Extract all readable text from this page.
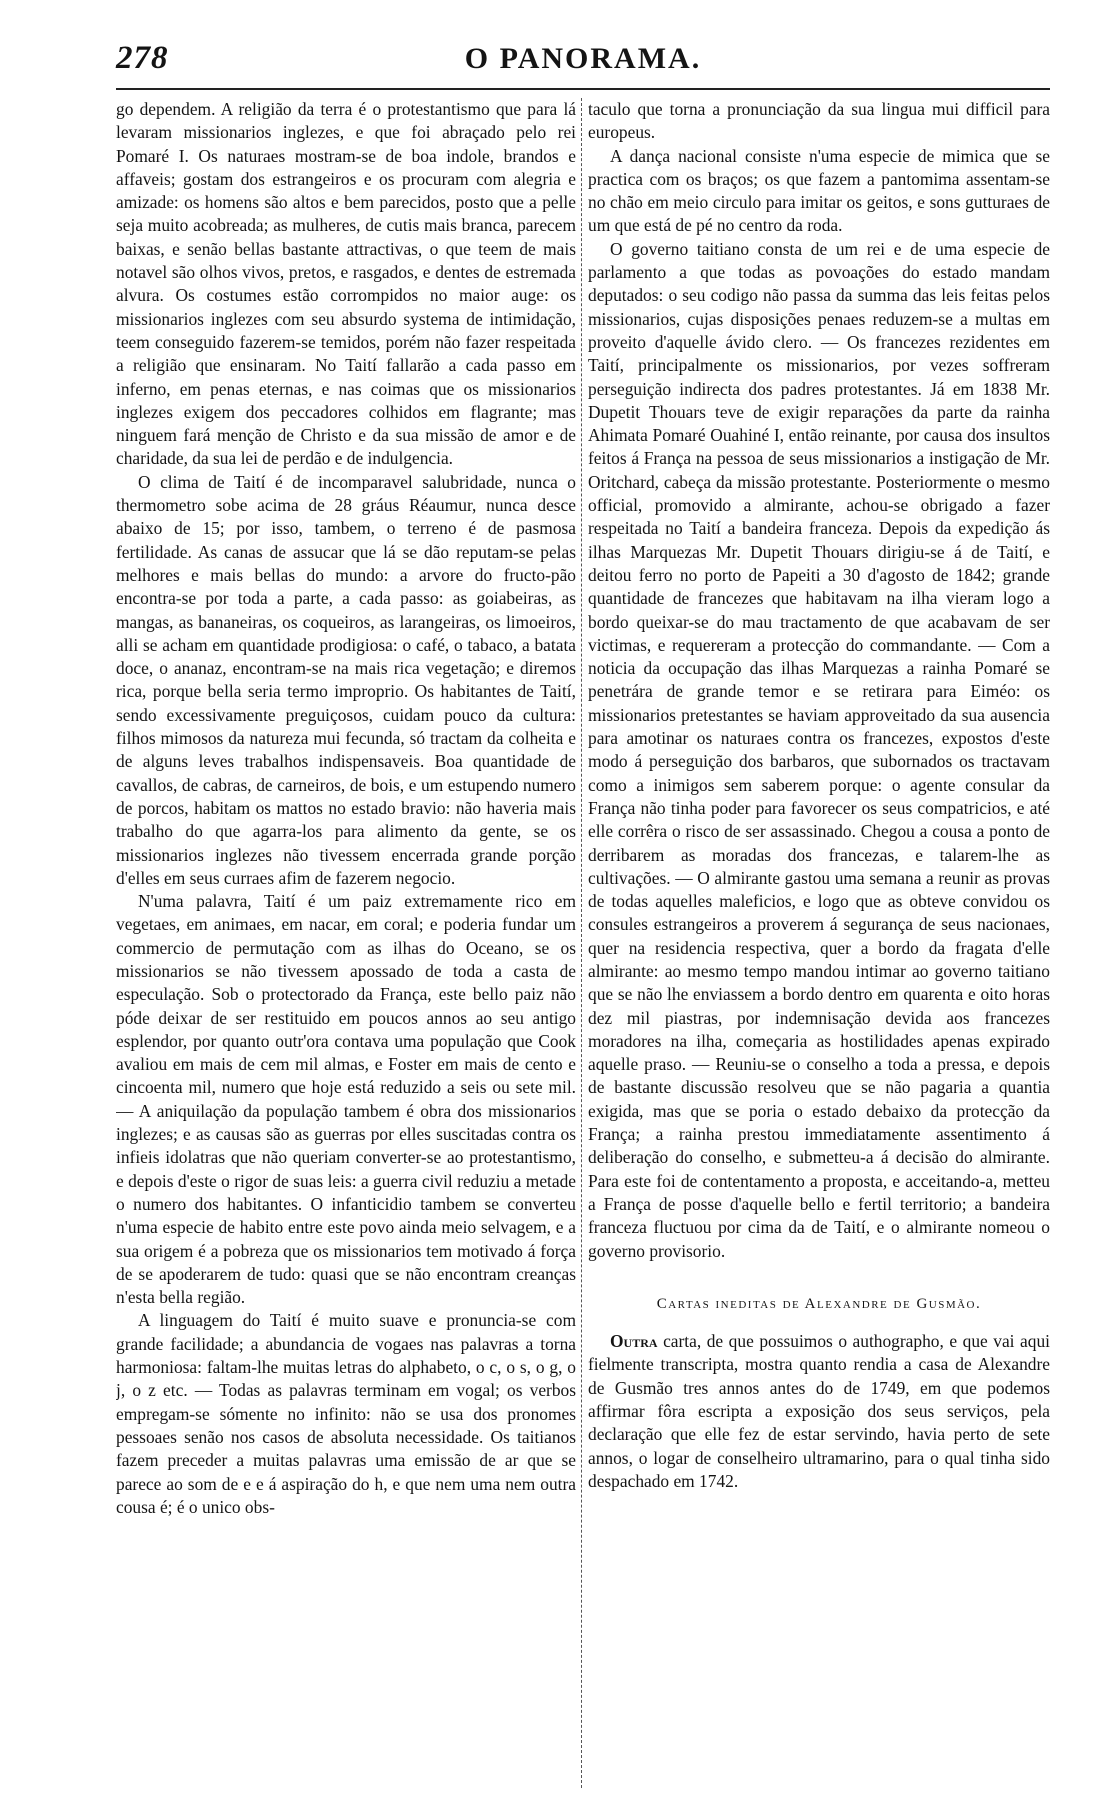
278	O PANORAMA.

go dependem. A religião da terra é o protestantismo que para lá levaram missionarios inglezes, e que foi abraçado pelo rei Pomaré I. Os naturaes mostram-se de boa indole, brandos e affaveis; gostam dos estrangeiros e os procuram com alegria e amizade: os homens são altos e bem parecidos, posto que a pelle seja muito acobreada; as mulheres, de cutis mais branca, parecem baixas, e senão bellas bastante attractivas, o que teem de mais notavel são olhos vivos, pretos, e rasgados, e dentes de estremada alvura. Os costumes estão corrompidos no maior auge: os missionarios inglezes com seu absurdo systema de intimidação, teem conseguido fazerem-se temidos, porém não fazer respeitada a religião que ensinaram. No Taití fallarão a cada passo em inferno, em penas eternas, e nas coimas que os missionarios inglezes exigem dos peccadores colhidos em flagrante; mas ninguem fará menção de Christo e da sua missão de amor e de charidade, da sua lei de perdão e de indulgencia.

O clima de Taití é de incomparavel salubridade, nunca o thermometro sobe acima de 28 gráus Réaumur, nunca desce abaixo de 15; por isso, tambem, o terreno é de pasmosa fertilidade. As canas de assucar que lá se dão reputam-se pelas melhores e mais bellas do mundo: a arvore do fructo-pão encontra-se por toda a parte, a cada passo: as goiabeiras, as mangas, as bananeiras, os coqueiros, as larangeiras, os limoeiros, alli se acham em quantidade prodigiosa: o café, o tabaco, a batata doce, o ananaz, encontram-se na mais rica vegetação; e diremos rica, porque bella seria termo improprio. Os habitantes de Taití, sendo excessivamente preguiçosos, cuidam pouco da cultura: filhos mimosos da natureza mui fecunda, só tractam da colheita e de alguns leves trabalhos indispensaveis. Boa quantidade de cavallos, de cabras, de carneiros, de bois, e um estupendo numero de porcos, habitam os mattos no estado bravio: não haveria mais trabalho do que agarra-los para alimento da gente, se os missionarios inglezes não tivessem encerrada grande porção d'elles em seus curraes afim de fazerem negocio.

N'uma palavra, Taití é um paiz extremamente rico em vegetaes, em animaes, em nacar, em coral; e poderia fundar um commercio de permutação com as ilhas do Oceano, se os missionarios se não tivessem apossado de toda a casta de especulação. Sob o protectorado da França, este bello paiz não póde deixar de ser restituido em poucos annos ao seu antigo esplendor, por quanto outr'ora contava uma população que Cook avaliou em mais de cem mil almas, e Foster em mais de cento e cincoenta mil, numero que hoje está reduzido a seis ou sete mil. — A aniquilação da população tambem é obra dos missionarios inglezes; e as causas são as guerras por elles suscitadas contra os infieis idolatras que não queriam converter-se ao protestantismo, e depois d'este o rigor de suas leis: a guerra civil reduziu a metade o numero dos habitantes. O infanticidio tambem se converteu n'uma especie de habito entre este povo ainda meio selvagem, e a sua origem é a pobreza que os missionarios tem motivado á força de se apoderarem de tudo: quasi que se não encontram creanças n'esta bella região.

A linguagem do Taití é muito suave e pronuncia-se com grande facilidade; a abundancia de vogaes nas palavras a torna harmoniosa: faltam-lhe muitas letras do alphabeto, o c, o s, o g, o j, o z etc. — Todas as palavras terminam em vogal; os verbos empregam-se sómente no infinito: não se usa dos pronomes pessoaes senão nos casos de absoluta necessidade. Os taitianos fazem preceder a muitas palavras uma emissão de ar que se parece ao som de e e á aspiração do h, e que nem uma nem outra cousa é; é o unico obs-

taculo que torna a pronunciação da sua lingua mui difficil para europeus.

A dança nacional consiste n'uma especie de mimica que se practica com os braços; os que fazem a pantomima assentam-se no chão em meio circulo para imitar os geitos, e sons gutturaes de um que está de pé no centro da roda.

O governo taitiano consta de um rei e de uma especie de parlamento a que todas as povoações do estado mandam deputados: o seu codigo não passa da summa das leis feitas pelos missionarios, cujas disposições penaes reduzem-se a multas em proveito d'aquelle ávido clero. — Os francezes rezidentes em Taití, principalmente os missionarios, por vezes soffreram perseguição indirecta dos padres protestantes. Já em 1838 Mr. Dupetit Thouars teve de exigir reparações da parte da rainha Ahimata Pomaré Ouahiné I, então reinante, por causa dos insultos feitos á França na pessoa de seus missionarios a instigação de Mr. Oritchard, cabeça da missão protestante. Posteriormente o mesmo official, promovido a almirante, achou-se obrigado a fazer respeitada no Taití a bandeira franceza. Depois da expedição ás ilhas Marquezas Mr. Dupetit Thouars dirigiu-se á de Taití, e deitou ferro no porto de Papeiti a 30 d'agosto de 1842; grande quantidade de francezes que habitavam na ilha vieram logo a bordo queixar-se do mau tractamento de que acabavam de ser victimas, e requereram a protecção do commandante. — Com a noticia da occupação das ilhas Marquezas a rainha Pomaré se penetrára de grande temor e se retirara para Eiméo: os missionarios pretestantes se haviam approveitado da sua ausencia para amotinar os naturaes contra os francezes, expostos d'este modo á perseguição dos barbaros, que subornados os tractavam como a inimigos sem saberem porque: o agente consular da França não tinha poder para favorecer os seus compatricios, e até elle corrêra o risco de ser assassinado. Chegou a cousa a ponto de derribarem as moradas dos francezas, e talarem-lhe as cultivações. — O almirante gastou uma semana a reunir as provas de todas aquelles maleficios, e logo que as obteve convidou os consules estrangeiros a proverem á segurança de seus nacionaes, quer na residencia respectiva, quer a bordo da fragata d'elle almirante: ao mesmo tempo mandou intimar ao governo taitiano que se não lhe enviassem a bordo dentro em quarenta e oito horas dez mil piastras, por indemnisação devida aos francezes moradores na ilha, começaria as hostilidades apenas expirado aquelle praso. — Reuniu-se o conselho a toda a pressa, e depois de bastante discussão resolveu que se não pagaria a quantia exigida, mas que se poria o estado debaixo da protecção da França; a rainha prestou immediatamente assentimento á deliberação do conselho, e submetteu-a á decisão do almirante. Para este foi de contentamento a proposta, e acceitando-a, metteu a França de posse d'aquelle bello e fertil territorio; a bandeira franceza fluctuou por cima da de Taití, e o almirante nomeou o governo provisorio.

Cartas ineditas de Alexandre de Gusmão.

Outra carta, de que possuimos o authographo, e que vai aqui fielmente transcripta, mostra quanto rendia a casa de Alexandre de Gusmão tres annos antes do de 1749, em que podemos affirmar fôra escripta a exposição dos seus serviços, pela declaração que elle fez de estar servindo, havia perto de sete annos, o logar de conselheiro ultramarino, para o qual tinha sido despachado em 1742.
